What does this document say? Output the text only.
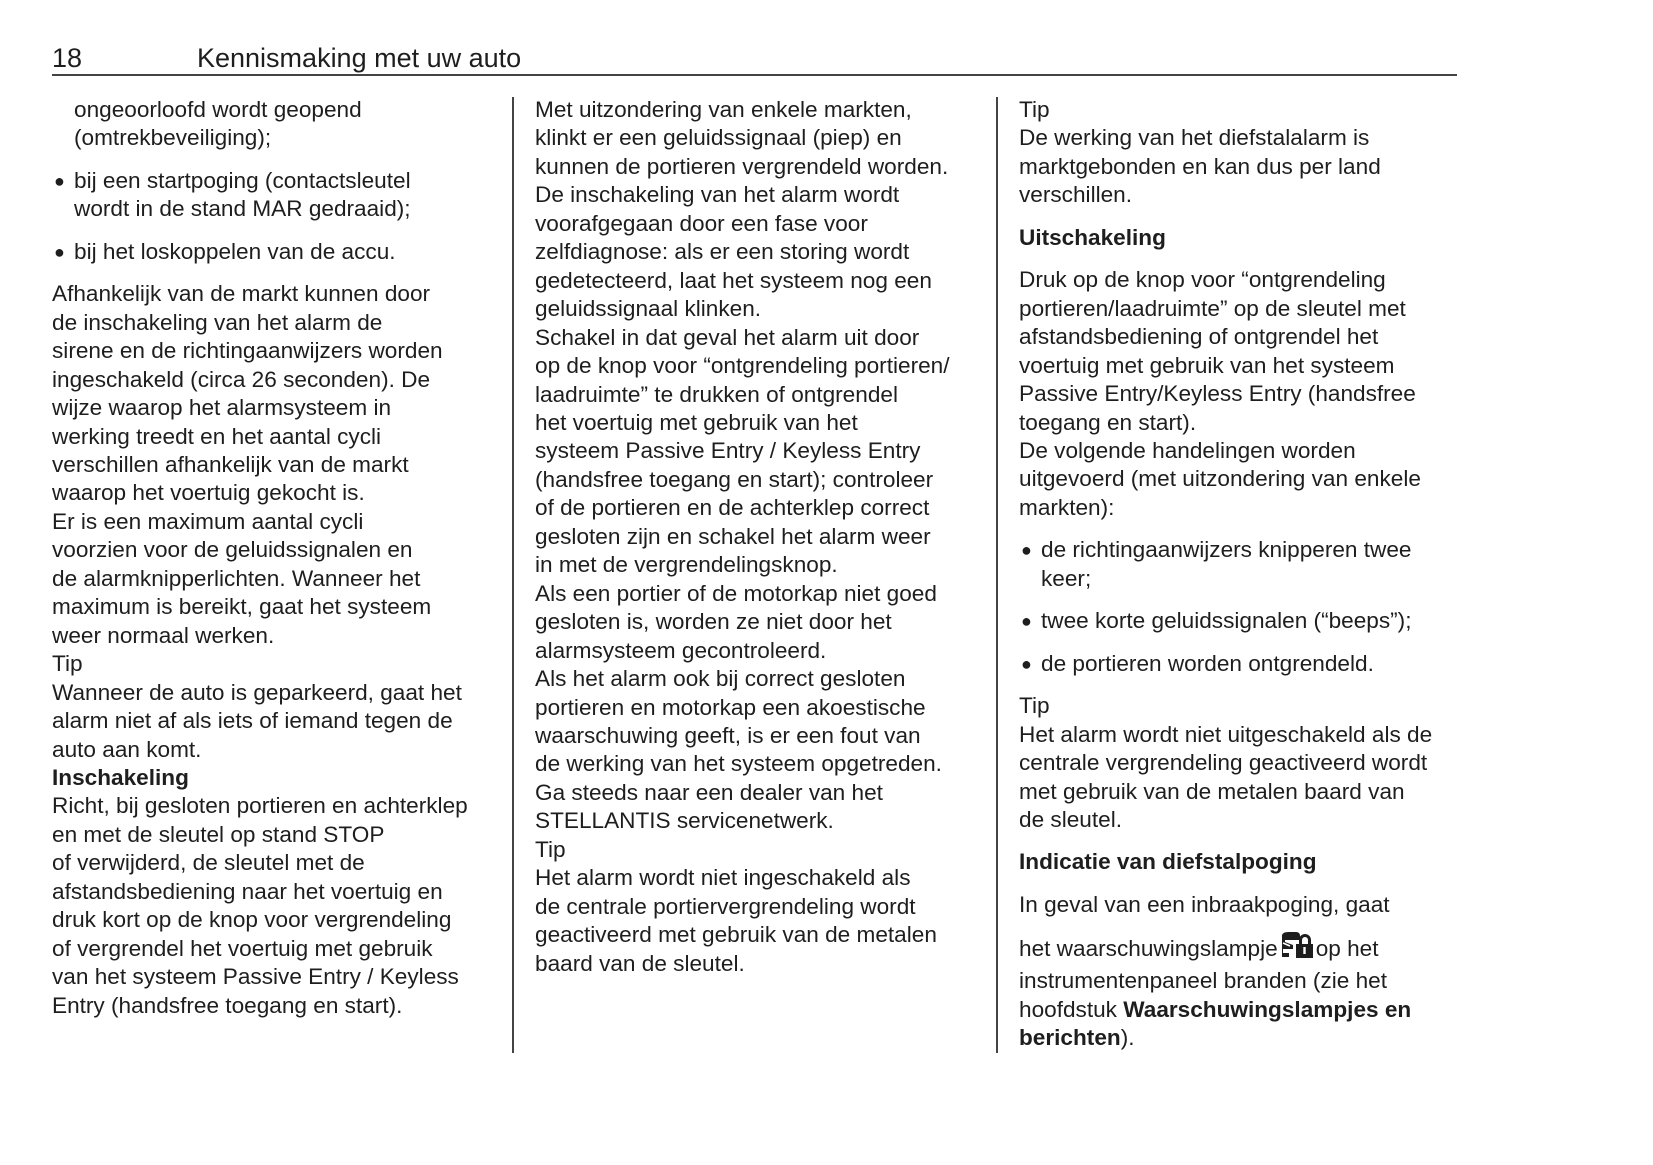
18	Kennismaking met uw auto
ongeoorloofd wordt geopend
(omtrekbeveiliging);
● bij een startpoging (contactsleutel
wordt in de stand MAR gedraaid);
● bij het loskoppelen van de accu.
Afhankelijk van de markt kunnen door
de inschakeling van het alarm de
sirene en de richtingaanwijzers worden
ingeschakeld (circa 26 seconden). De
wijze waarop het alarmsysteem in
werking treedt en het aantal cycli
verschillen afhankelijk van de markt
waarop het voertuig gekocht is.
Er is een maximum aantal cycli
voorzien voor de geluidssignalen en
de alarmknipperlichten. Wanneer het
maximum is bereikt, gaat het systeem
weer normaal werken.
Tip
Wanneer de auto is geparkeerd, gaat het
alarm niet af als iets of iemand tegen de
auto aan komt.
Inschakeling
Richt, bij gesloten portieren en achterklep
en met de sleutel op stand STOP
of verwijderd, de sleutel met de
afstandsbediening naar het voertuig en
druk kort op de knop voor vergrendeling
of vergrendel het voertuig met gebruik
van het systeem Passive Entry / Keyless
Entry (handsfree toegang en start).
Met uitzondering van enkele markten,
klinkt er een geluidssignaal (piep) en
kunnen de portieren vergrendeld worden.
De inschakeling van het alarm wordt
voorafgegaan door een fase voor
zelfdiagnose: als er een storing wordt
gedetecteerd, laat het systeem nog een
geluidssignaal klinken.
Schakel in dat geval het alarm uit door
op de knop voor “ontgrendeling portieren/
laadruimte” te drukken of ontgrendel
het voertuig met gebruik van het
systeem Passive Entry / Keyless Entry
(handsfree toegang en start); controleer
of de portieren en de achterklep correct
gesloten zijn en schakel het alarm weer
in met de vergrendelingsknop.
Als een portier of de motorkap niet goed
gesloten is, worden ze niet door het
alarmsysteem gecontroleerd.
Als het alarm ook bij correct gesloten
portieren en motorkap een akoestische
waarschuwing geeft, is er een fout van
de werking van het systeem opgetreden.
Ga steeds naar een dealer van het
STELLANTIS servicenetwerk.
Tip
Het alarm wordt niet ingeschakeld als
de centrale portiervergrendeling wordt
geactiveerd met gebruik van de metalen
baard van de sleutel.
Tip
De werking van het diefstalalarm is
marktgebonden en kan dus per land
verschillen.
Uitschakeling
Druk op de knop voor “ontgrendeling
portieren/laadruimte” op de sleutel met
afstandsbediening of ontgrendel het
voertuig met gebruik van het systeem
Passive Entry/Keyless Entry (handsfree
toegang en start).
De volgende handelingen worden
uitgevoerd (met uitzondering van enkele
markten):
● de richtingaanwijzers knipperen twee
keer;
● twee korte geluidssignalen (“beeps”);
● de portieren worden ontgrendeld.
Tip
Het alarm wordt niet uitgeschakeld als de
centrale vergrendeling geactiveerd wordt
met gebruik van de metalen baard van
de sleutel.
Indicatie van diefstalpoging
In geval van een inbraakpoging, gaat
het waarschuwingslampje op het
instrumentenpaneel branden (zie het
hoofdstuk Waarschuwingslampjes en
berichten).
